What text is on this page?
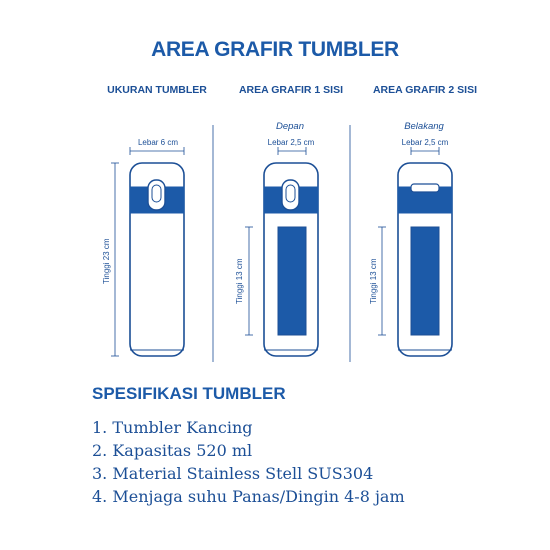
AREA GRAFIR TUMBLER
UKURAN TUMBLER	AREA GRAFIR 1 SISI	AREA GRAFIR 2 SISI
Depan	Belakang
Lebar 6 cm	Lebar 2,5 cm	Lebar 2,5 cm
Tinggi 23 cm	Tinggi 13 cm	Tinggi 13 cm
SPESIFIKASI TUMBLER
1. Tumbler Kancing
2. Kapasitas 520 ml
3. Material Stainless Stell SUS304
4. Menjaga suhu Panas/Dingin 4-8 jam
